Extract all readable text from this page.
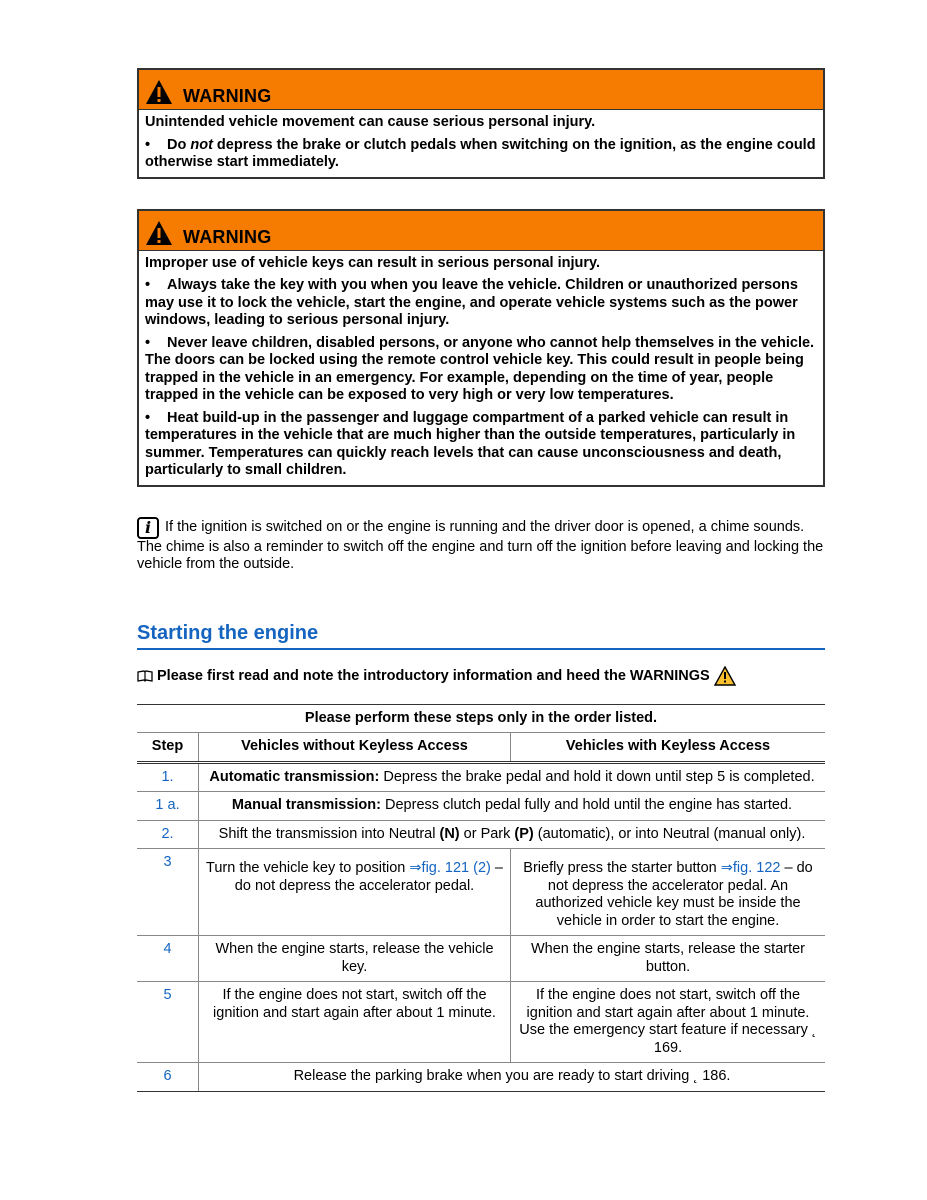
WARNING

Unintended vehicle movement can cause serious personal injury.

• Do not depress the brake or clutch pedals when switching on the ignition, as the engine could otherwise start immediately.

WARNING

Improper use of vehicle keys can result in serious personal injury.

• Always take the key with you when you leave the vehicle. Children or unauthorized persons may use it to lock the vehicle, start the engine, and operate vehicle systems such as the power windows, leading to serious personal injury.

• Never leave children, disabled persons, or anyone who cannot help themselves in the vehicle. The doors can be locked using the remote control vehicle key. This could result in people being trapped in the vehicle in an emergency. For example, depending on the time of year, people trapped in the vehicle can be exposed to very high or very low temperatures.

• Heat build-up in the passenger and luggage compartment of a parked vehicle can result in temperatures in the vehicle that are much higher than the outside temperatures, particularly in summer. Temperatures can quickly reach levels that can cause unconsciousness and death, particularly to small children.

i If the ignition is switched on or the engine is running and the driver door is opened, a chime sounds. The chime is also a reminder to switch off the engine and turn off the ignition before leaving and locking the vehicle from the outside.
Starting the engine
Please first read and note the introductory information and heed the WARNINGS
Please perform these steps only in the order listed.		
Step	Vehicles without Keyless Access	Vehicles with Keyless Access
1.	Automatic transmission: Depress the brake pedal and hold it down until step 5 is completed.	
1 a.	Manual transmission: Depress clutch pedal fully and hold until the engine has started.	
2.	Shift the transmission into Neutral (N) or Park (P) (automatic), or into Neutral (manual only).	
3	Turn the vehicle key to position ⇒fig. 121 (2) – do not depress the accelerator pedal.	Briefly press the starter button ⇒fig. 122 – do not depress the accelerator pedal. An authorized vehicle key must be inside the vehicle in order to start the engine.
4	When the engine starts, release the vehicle key.	When the engine starts, release the starter button.
5	If the engine does not start, switch off the ignition and start again after about 1 minute.	If the engine does not start, switch off the ignition and start again after about 1 minute. Use the emergency start feature if necessary ˛ 169.
6	Release the parking brake when you are ready to start driving ˛ 186.	
